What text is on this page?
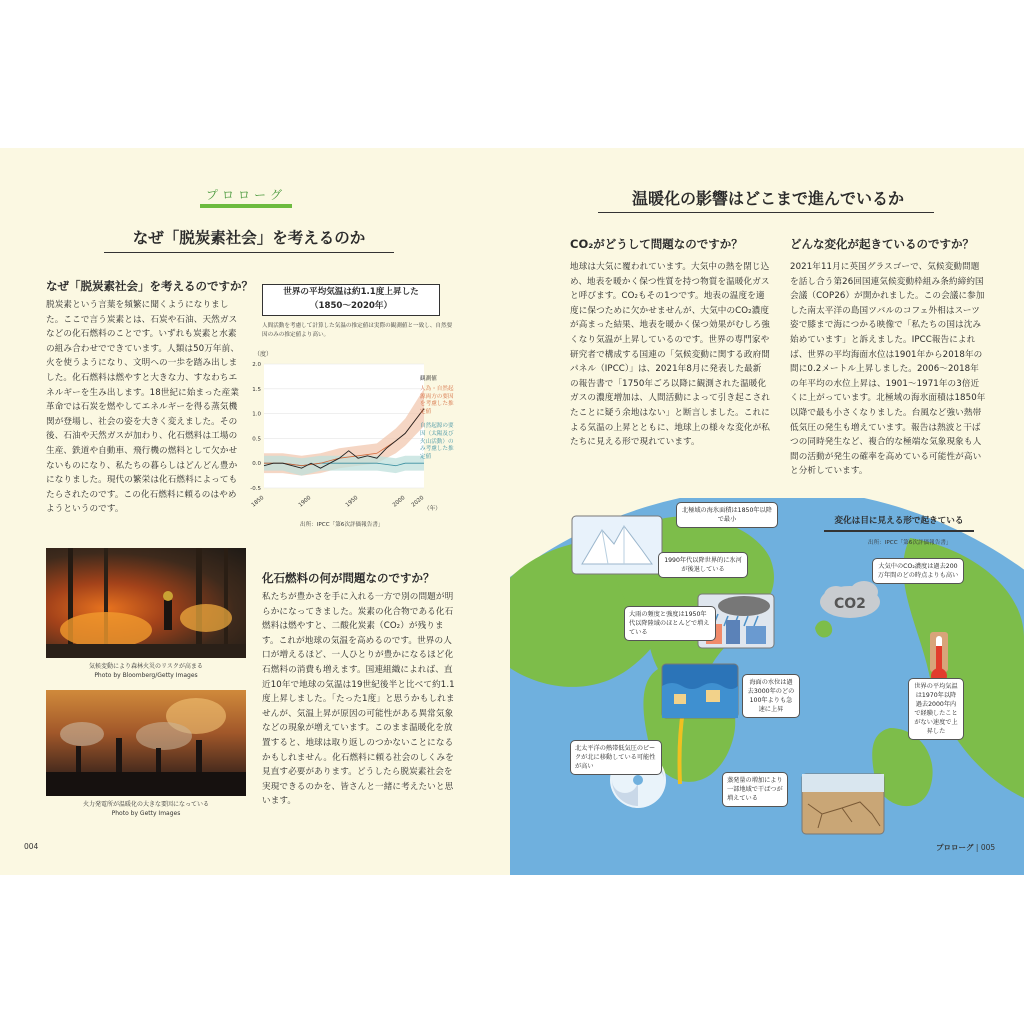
プロローグ
なぜ「脱炭素社会」を考えるのか

なぜ「脱炭素社会」を考えるのですか？

脱炭素という言葉を頻繁に聞くようになりました。ここで言う炭素とは、石炭や石油、天然ガスなどの化石燃料のことです。いずれも炭素と水素の組み合わせでできています。人類は50万年前、火を使うようになり、文明への一歩を踏み出しました。化石燃料は燃やすと大きな力、すなわちエネルギーを生み出します。18世紀に始まった産業革命では石炭を燃やしてエネルギーを得る蒸気機関が登場し、社会の姿を大きく変えました。その後、石油や天然ガスが加わり、化石燃料は工場の生産、鉄道や自動車、飛行機の燃料として欠かせないものになり、私たちの暮らしはどんどん豊かになりました。現代の繁栄は化石燃料によってもたらされたのです。この化石燃料に頼るのはやめようというのです。

世界の平均気温は約1.1度上昇した
（1850〜2020年）
人間活動を考慮して計算した気温の推定値は実際の観測値と一致し、自然要因のみの推定値より高い。
-0.5
0.0
0.5
1.0
1.5
2.0
1850	1900	1950	2000 2020
（度）
観測値
人為・自然起源両方の要因を考慮した推定値
自然起源の要因（太陽及び火山活動）のみ考慮した推定値
（年）
出所：IPCC「第6次評価報告書」
気候変動により森林火災のリスクが高まる
Photo by Bloomberg/Getty Images
火力発電所が温暖化の大きな要因になっている
Photo by Getty Images

化石燃料の何が問題なのですか？

私たちが豊かさを手に入れる一方で別の問題が明らかになってきました。炭素の化合物である化石燃料は燃やすと、二酸化炭素（CO₂）が残ります。これが地球の気温を高めるのです。世界の人口が増えるほど、一人ひとりが豊かになるほど化石燃料の消費も増えます。国連組織によれば、直近10年で地球の気温は19世紀後半と比べて約1.1度上昇しました。「たった1度」と思うかもしれませんが、気温上昇が原因の可能性がある異常気象などの現象が増えています。このまま温暖化を放置すると、地球は取り返しのつかないことになるかもしれません。化石燃料に頼る社会のしくみを見直す必要があります。どうしたら脱炭素社会を実現できるのかを、皆さんと一緒に考えたいと思います。

004
温暖化の影響はどこまで進んでいるか

CO₂がどうして問題なのですか？

地球は大気に覆われています。大気中の熱を閉じ込め、地表を暖かく保つ性質を持つ物質を温暖化ガスと呼びます。CO₂もその1つです。地表の温度を適度に保つために欠かせませんが、大気中のCO₂濃度が高まった結果、地表を暖かく保つ効果がむしろ強くなり気温が上昇しているのです。世界の専門家や研究者で構成する国連の「気候変動に関する政府間パネル（IPCC）」は、2021年8月に発表した最新の報告書で「1750年ごろ以降に観測された温暖化ガスの濃度増加は、人間活動によって引き起こされたことに疑う余地はない」と断言しました。これによる気温の上昇とともに、地球上の様々な変化が私たちに見える形で現れています。

どんな変化が起きているのですか？

2021年11月に英国グラスゴーで、気候変動問題を話し合う第26回国連気候変動枠組み条約締約国会議（COP26）が開かれました。この会議に参加した南太平洋の島国ツバルのコフェ外相はスーツ姿で膝まで海につかる映像で「私たちの国は沈み始めています」と訴えました。IPCC報告によれば、世界の平均海面水位は1901年から2018年の間に0.2メートル上昇しました。2006〜2018年の年平均の水位上昇は、1901〜1971年の3倍近くに上がっています。北極域の海氷面積は1850年以降で最も小さくなりました。台風など強い熱帯低気圧の発生も増えています。報告は熱波と干ばつの同時発生など、複合的な極端な気象現象も人間の活動が発生の確率を高めている可能性が高いと分析しています。

CO2
北極域の海氷面積は1850年以降で最小
1990年代以降世界的に氷河が後退している
大雨の頻度と強度は1950年代以降陸域のほとんどで増えている
大気中のCO₂濃度は過去200万年間のどの時点よりも高い
世界の平均気温は1970年以降過去2000年内で経験したことがない速度で上昇した
海面の水位は過去3000年のどの100年よりも急速に上昇
北太平洋の熱帯低気圧のピークが北に移動している可能性が高い
蒸発量の増加により一部地域で干ばつが増えている
変化は目に見える形で起きている
出所：IPCC「第6次評価報告書」
プロローグ | 005
